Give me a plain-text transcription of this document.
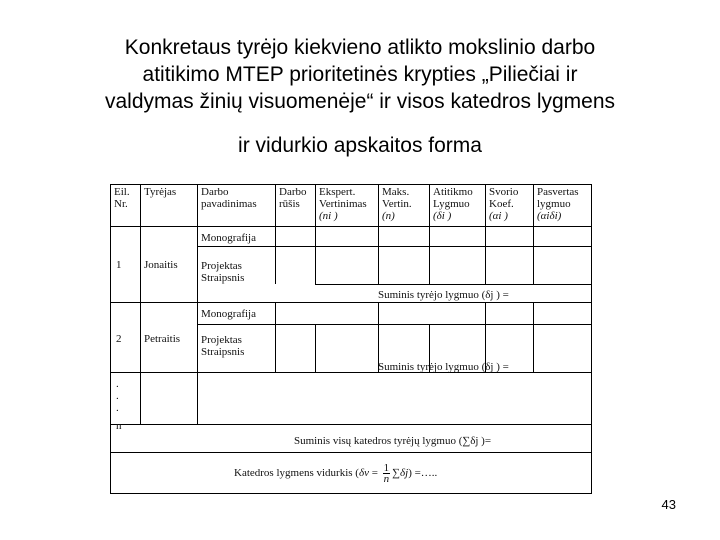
Konkretaus tyrėjo kiekvieno atlikto mokslinio darbo
atitikimo MTEP prioritetinės krypties „Piliečiai ir
valdymas žinių visuomenėje“ ir visos katedros lygmens
ir vidurkio apskaitos forma
Eil.
Nr.
Tyrėjas Darbo
pavadinimas
Darbo
rūšis
Ekspert.
Vertinimas
(ni )
Maks.
Vertin.
(n)
Atitikmo
Lygmuo
(δi )
Svorio
Koef.
(αi )
Pasvertas
lygmuo
(αiδi)
Monografija
1 Jonaitis Projektas
Straipsnis
Suminis tyrėjo lygmuo (δj ) =
Monografija
2 Petraitis Projektas
Straipsnis
Suminis tyrėjo lygmuo (δj ) =
.
.
.
n
Suminis visų katedros tyrėjų lygmuo (∑δj )=
Katedros lygmens vidurkis $(\delta v = \frac{1}{n} \sum\delta j)$ =…..
43
